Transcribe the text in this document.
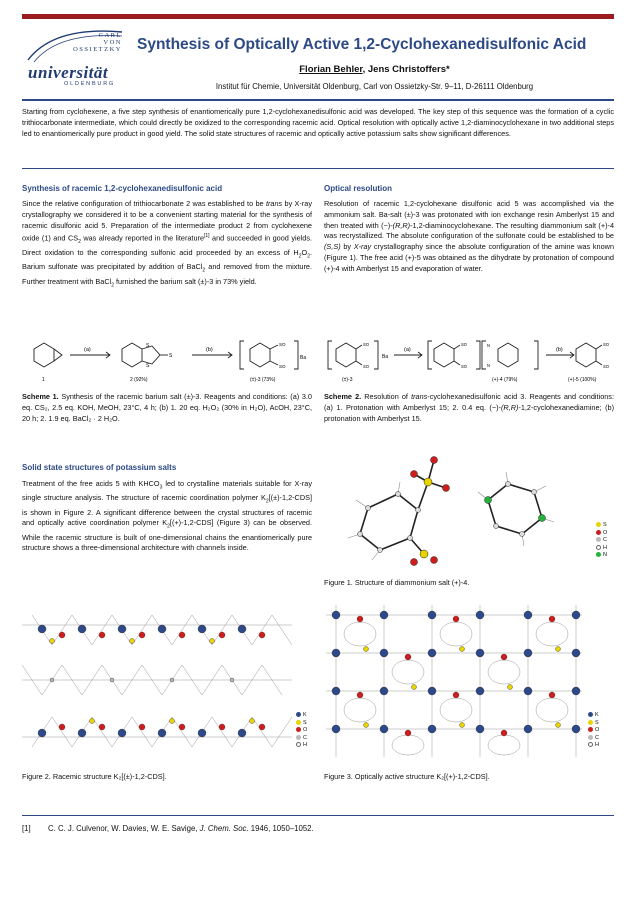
CARL
VON
OSSIETZKY
universität
OLDENBURG
Synthesis of Optically Active 1,2-Cyclohexanedisulfonic Acid
Florian Behler, Jens Christoffers*
Institut für Chemie, Universität Oldenburg, Carl von Ossietzky-Str. 9–11, D-26111 Oldenburg
Starting from cyclohexene, a five step synthesis of enantiomerically pure 1,2-cyclohexanedisulfonic acid was developed. The key step of this sequence was the formation of a cyclic trithiocarbonate intermediate, which could directly be oxidized to the corresponding racemic acid. Optical resolution with optically active 1,2-diaminocyclohexane in two additional steps led to enantiomerically pure product in good yield. The solid state structures of racemic and optically active potassium salts show significant differences.
Synthesis of racemic 1,2-cyclohexanedisulfonic acid
Since the relative configuration of trithiocarbonate 2 was established to be trans by X-ray crystallography we considered it to be a convenient starting material for the synthesis of racemic disulfonic acid 5. Preparation of the intermediate product 2 from cyclohexene oxide (1) and $CS_2$ was already reported in the literature[1] and succeeded in good yields. Direct oxidation to the corresponding sulfonic acid proceeded by an excess of $H_2O_2$. Barium sulfonate was precipitated by addition of BaCl$_2$ and removed from the mixture. Further treatment with BaCl$_2$ furnished the barium salt (±)-3 in 73% yield.
S
S
S
(a)	(b)
SO
SO
Ba
1	2 (92%)	(±)-3 (73%)
Scheme 1. Synthesis of the racemic barium salt (±)-3. Reagents and conditions: (a) 3.0 eq. CS₂, 2.5 eq. KOH, MeOH, 23°C, 4 h; (b) 1. 20 eq. H₂O₂ (30% in H₂O), AcOH, 23°C, 20 h; 2. 1.9 eq. BaCl₂ · 2 H₂O.
Solid state structures of potassium salts
Treatment of the free acids 5 with $KHCO_3$ led to crystalline materials suitable for X-ray single structure analysis. The structure of racemic coordination polymer $K_2[(\pm)-1,2-CDS]$ is shown in Figure 2. A significant difference between the crystal structures of racemic and optically active coordination polymer $K_2[(+)-1,2-CDS]$ (Figure 3) can be observed. While the racemic structure is built of one-dimensional chains the enantiomerically pure structure shows a three-dimensional architecture with channels inside.
Optical resolution
Resolution of racemic 1,2-cyclohexane disulfonic acid 5 was accomplished via the ammonium salt. Ba-salt (±)-3 was protonated with ion exchange resin Amberlyst 15 and then treated with (−)-(R,R)-1,2-diaminocyclohexane. The resulting diammonium salt (+)-4 was recrystallized. The absolute configuration of the sulfonate could be established to be (S,S) by X-ray crystallography since the absolute configuration of the amine was known (Figure 1). The free acid (+)-5 was obtained as the dihydrate by protonation of compound (+)-4 with Amberlyst 15 and evaporation of water.
SO
SO
Ba
(a)
SO
SO
N
N
(b)
SO
SO
(±)-3	(+)-4 (79%)	(+)-5 (100%)
Scheme 2. Resolution of trans-cyclohexanedisulfonic acid 3. Reagents and conditions: (a) 1. Protonation with Amberlyst 15; 2. 0.4 eq. (−)-(R,R)-1,2-cyclohexanediamine; (b) protonation with Amberlyst 15.
S
O
C
H
N
Figure 1. Structure of diammonium salt (+)-4.
K
S
O
C
H
Figure 2. Racemic structure K₂[(±)-1,2-CDS].
K
S
O
C
H
Figure 3. Optically active structure K₂[(+)-1,2-CDS].
[1] C. C. J. Culvenor, W. Davies, W. E. Savige, J. Chem. Soc. 1946, 1050–1052.
